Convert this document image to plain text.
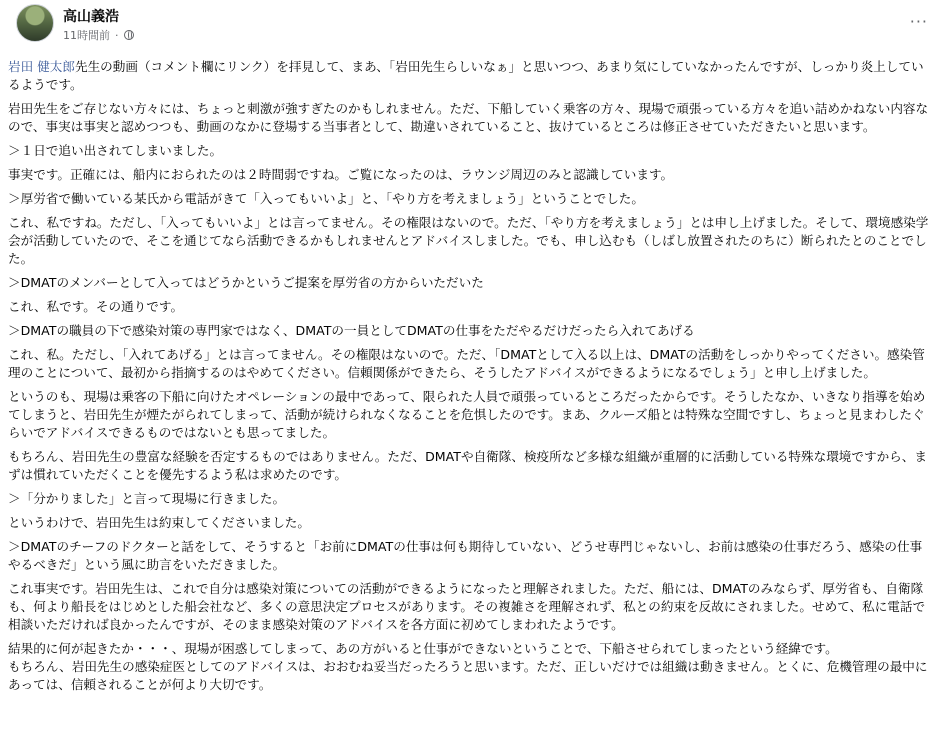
高山義浩
11時間前 ·
···

岩田 健太郎先生の動画（コメント欄にリンク）を拝見して、まあ、「岩田先生らしいなぁ」と思いつつ、あまり気にしていなかったんですが、しっかり炎上しているようです。

岩田先生をご存じない方々には、ちょっと刺激が強すぎたのかもしれません。ただ、下船していく乗客の方々、現場で頑張っている方々を追い詰めかねない内容なので、事実は事実と認めつつも、動画のなかに登場する当事者として、勘違いされていること、抜けているところは修正させていただきたいと思います。

＞１日で追い出されてしまいました。

事実です。正確には、船内におられたのは２時間弱ですね。ご覧になったのは、ラウンジ周辺のみと認識しています。

＞厚労省で働いている某氏から電話がきて「入ってもいいよ」と、「やり方を考えましょう」ということでした。

これ、私ですね。ただし、「入ってもいいよ」とは言ってません。その権限はないので。ただ、「やり方を考えましょう」とは申し上げました。そして、環境感染学会が活動していたので、そこを通じてなら活動できるかもしれませんとアドバイスしました。でも、申し込むも（しばし放置されたのちに）断られたとのことでした。

＞DMATのメンバーとして入ってはどうかというご提案を厚労省の方からいただいた

これ、私です。その通りです。

＞DMATの職員の下で感染対策の専門家ではなく、DMATの一員としてDMATの仕事をただやるだけだったら入れてあげる

これ、私。ただし、「入れてあげる」とは言ってません。その権限はないので。ただ、「DMATとして入る以上は、DMATの活動をしっかりやってください。感染管理のことについて、最初から指摘するのはやめてください。信頼関係ができたら、そうしたアドバイスができるようになるでしょう」と申し上げました。

というのも、現場は乗客の下船に向けたオペレーションの最中であって、限られた人員で頑張っているところだったからです。そうしたなか、いきなり指導を始めてしまうと、岩田先生が煙たがられてしまって、活動が続けられなくなることを危惧したのです。まあ、クルーズ船とは特殊な空間ですし、ちょっと見まわしたぐらいでアドバイスできるものではないとも思ってました。

もちろん、岩田先生の豊富な経験を否定するものではありません。ただ、DMATや自衛隊、検疫所など多様な組織が重層的に活動している特殊な環境ですから、まずは慣れていただくことを優先するよう私は求めたのです。

＞「分かりました」と言って現場に行きました。

というわけで、岩田先生は約束してくださいました。

＞DMATのチーフのドクターと話をして、そうすると「お前にDMATの仕事は何も期待していない、どうせ専門じゃないし、お前は感染の仕事だろう、感染の仕事やるべきだ」という風に助言をいただきました。

これ事実です。岩田先生は、これで自分は感染対策についての活動ができるようになったと理解されました。ただ、船には、DMATのみならず、厚労省も、自衛隊も、何より船長をはじめとした船会社など、多くの意思決定プロセスがあります。その複雑さを理解されず、私との約束を反故にされました。せめて、私に電話で相談いただければ良かったんですが、そのまま感染対策のアドバイスを各方面に初めてしまわれたようです。

結果的に何が起きたか・・・、現場が困惑してしまって、あの方がいると仕事ができないということで、下船させられてしまったという経緯です。

もちろん、岩田先生の感染症医としてのアドバイスは、おおむね妥当だったろうと思います。ただ、正しいだけでは組織は動きません。とくに、危機管理の最中にあっては、信頼されることが何より大切です。
